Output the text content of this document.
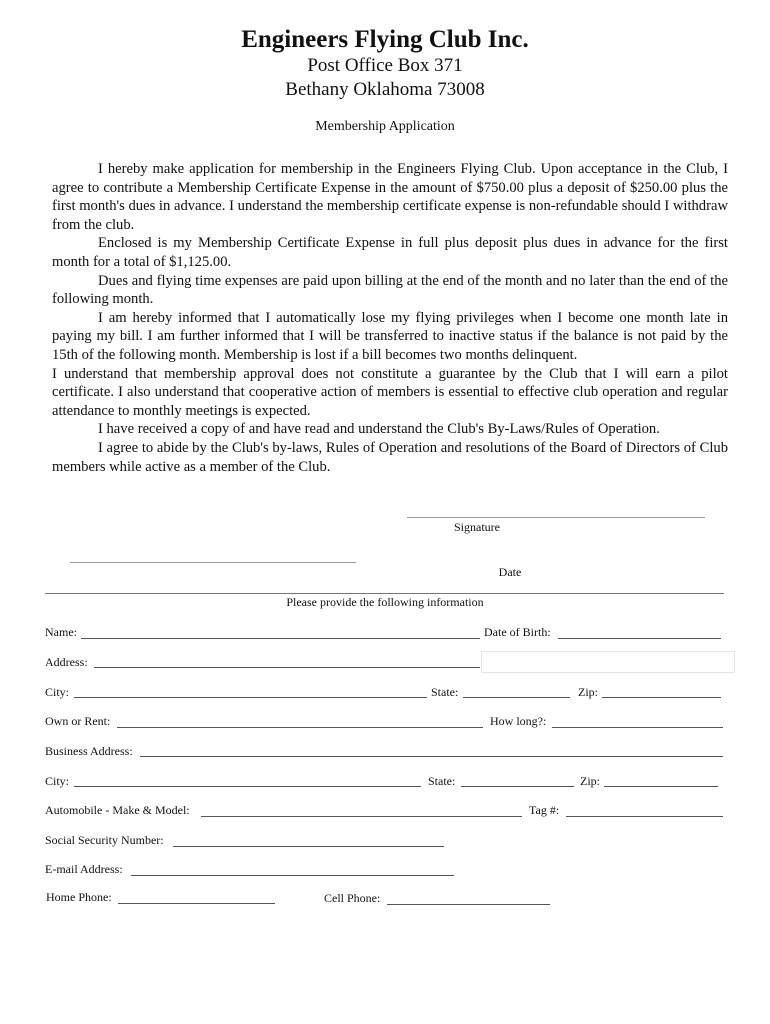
Engineers Flying Club Inc.
Post Office Box 371
Bethany Oklahoma 73008
Membership Application

I hereby make application for membership in the Engineers Flying Club. Upon acceptance in the Club, I agree to contribute a Membership Certificate Expense in the amount of $750.00 plus a deposit of $250.00 plus the first month's dues in advance. I understand the membership certificate expense is non-refundable should I withdraw from the club.

Enclosed is my Membership Certificate Expense in full plus deposit plus dues in advance for the first month for a total of $1,125.00.

Dues and flying time expenses are paid upon billing at the end of the month and no later than the end of the following month.

I am hereby informed that I automatically lose my flying privileges when I become one month late in paying my bill. I am further informed that I will be transferred to inactive status if the balance is not paid by the 15th of the following month. Membership is lost if a bill becomes two months delinquent.

I understand that membership approval does not constitute a guarantee by the Club that I will earn a pilot certificate. I also understand that cooperative action of members is essential to effective club operation and regular attendance to monthly meetings is expected.

I have received a copy of and have read and understand the Club's By-Laws/Rules of Operation.

I agree to abide by the Club's by-laws, Rules of Operation and resolutions of the Board of Directors of Club members while active as a member of the Club.

Signature
Date
Please provide the following information
Name:	Date of Birth:
Address:
City:	State:	Zip:
Own or Rent:	How long?:
Business Address:
City:	State:	Zip:
Automobile - Make & Model:	Tag #:
Social Security Number:
E-mail Address:
Home Phone:	Cell Phone:
